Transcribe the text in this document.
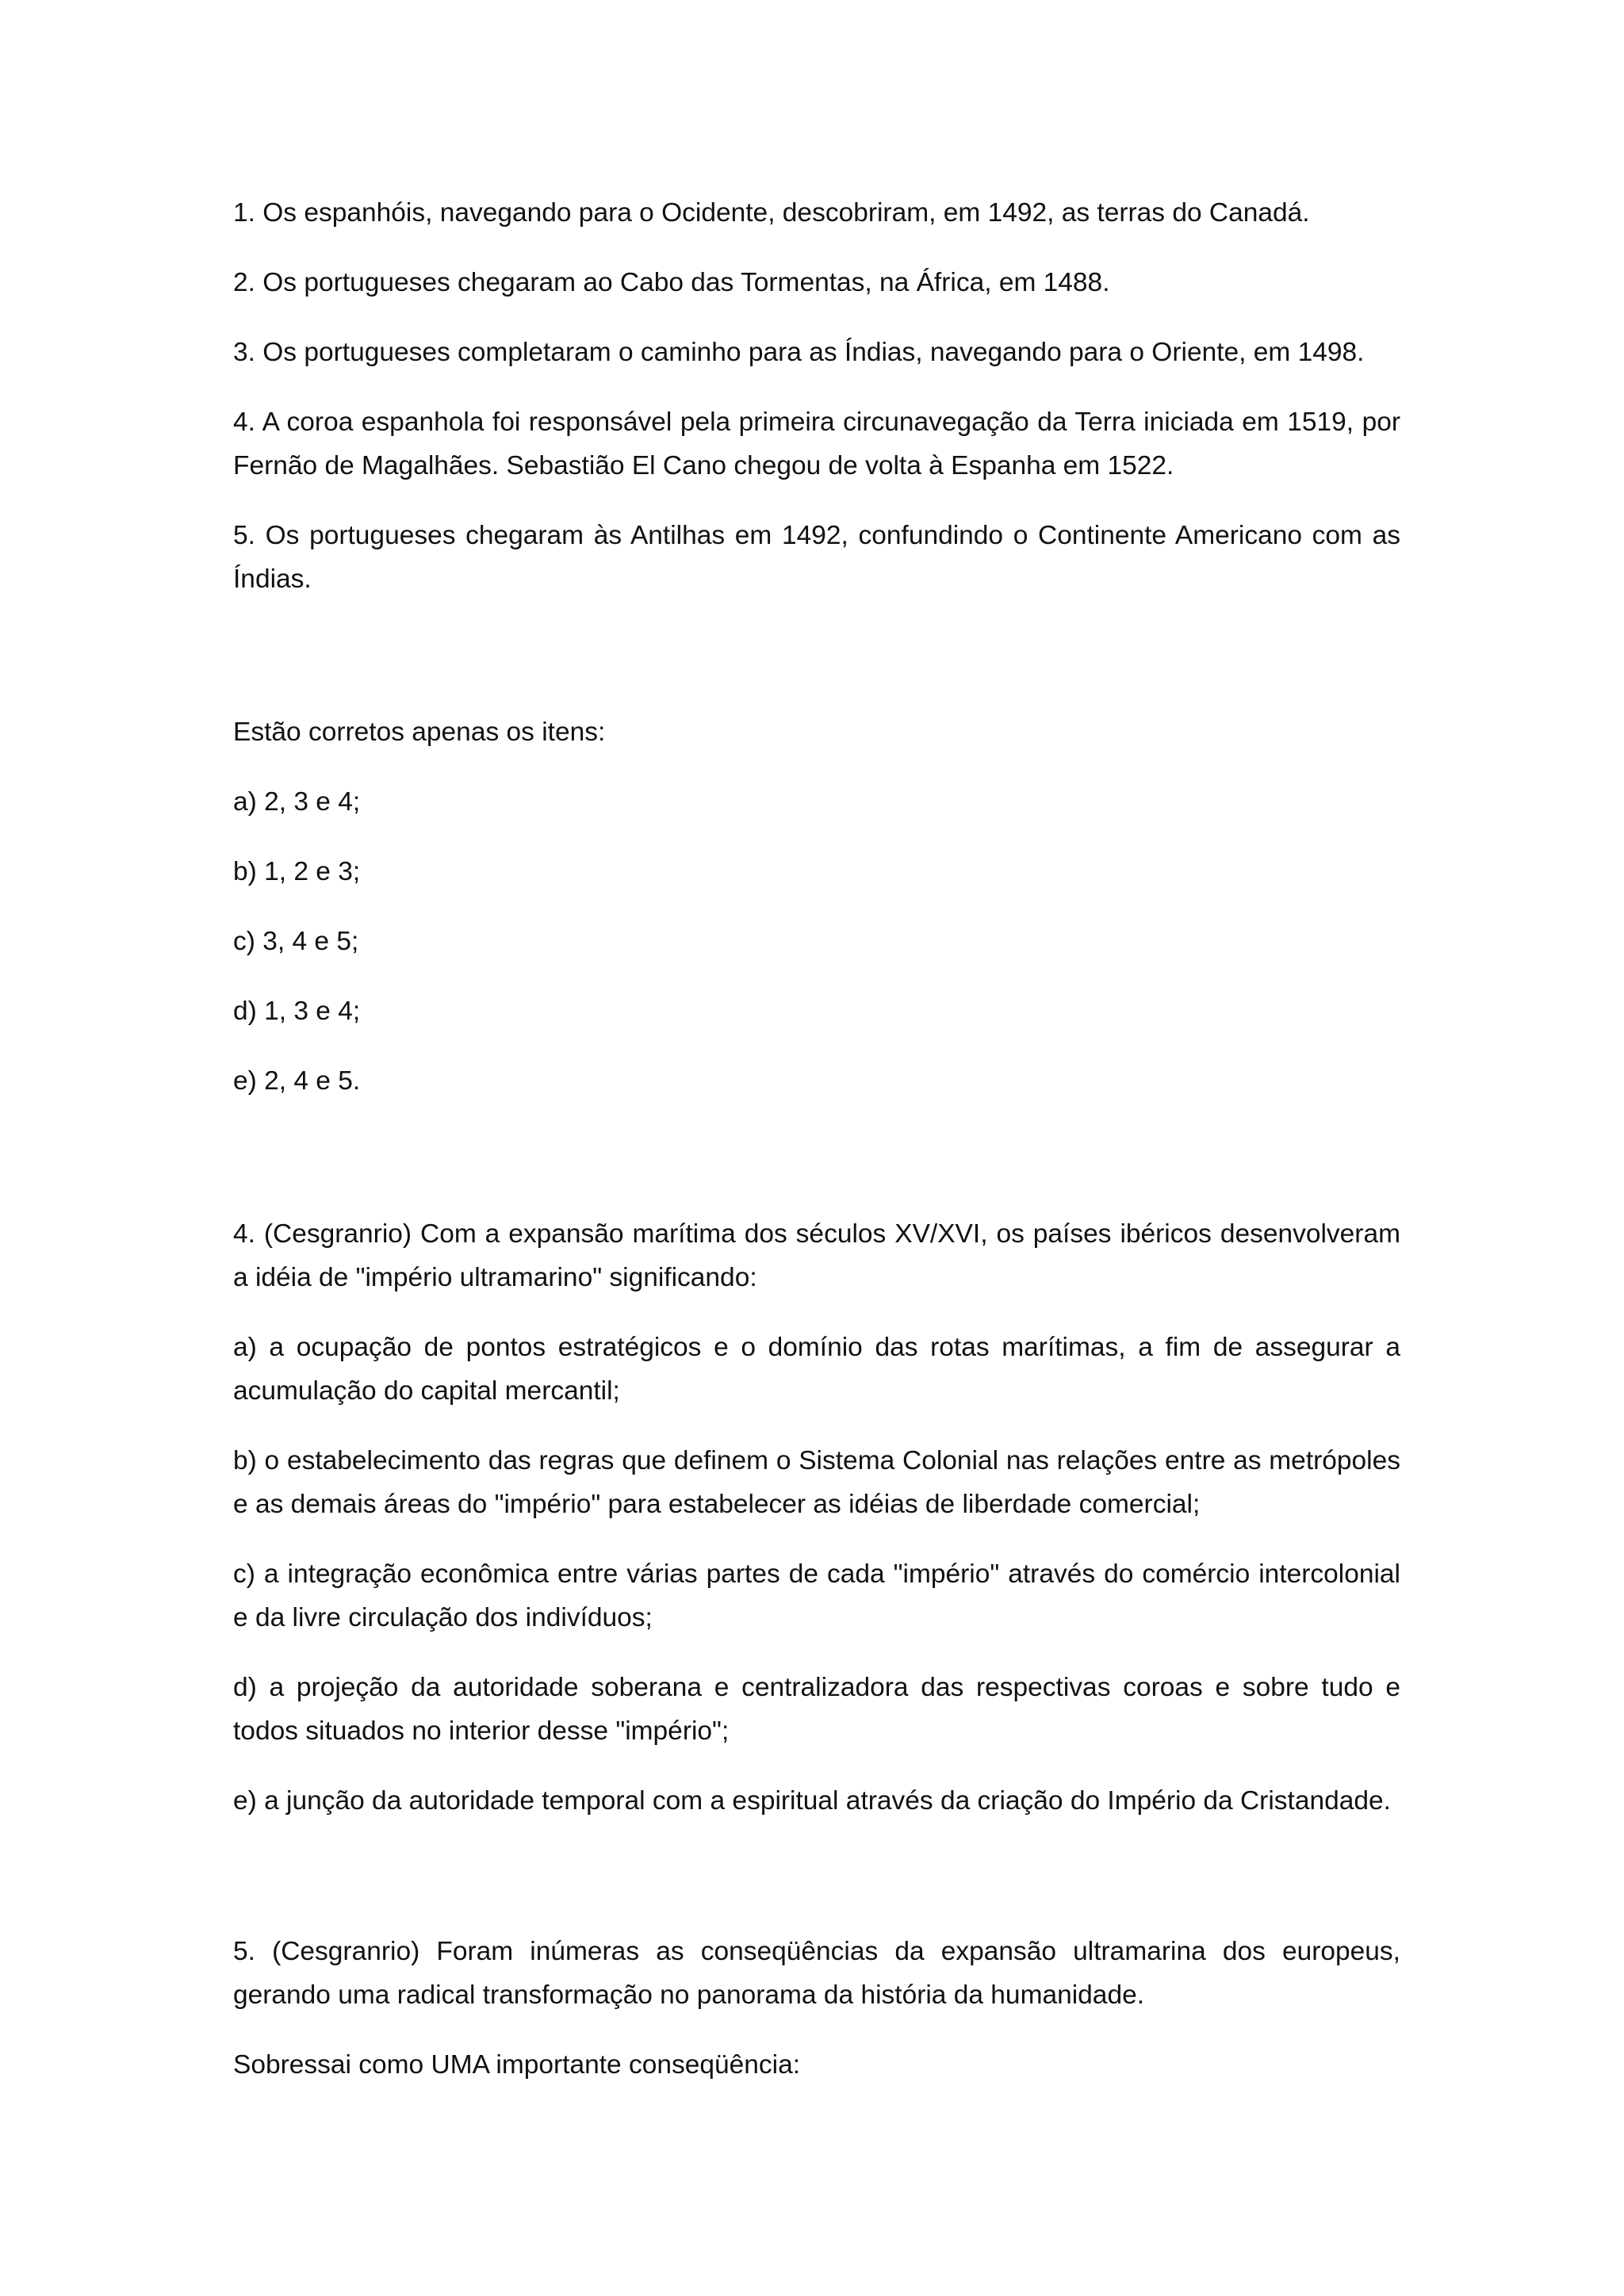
1. Os espanhóis, navegando para o Ocidente, descobriram, em 1492, as terras do Canadá.

2. Os portugueses chegaram ao Cabo das Tormentas, na África, em 1488.

3. Os portugueses completaram o caminho para as Índias, navegando para o Oriente, em 1498.

4. A coroa espanhola foi responsável pela primeira circunavegação da Terra iniciada em 1519, por Fernão de Magalhães. Sebastião El Cano chegou de volta à Espanha em 1522.

5. Os portugueses chegaram às Antilhas em 1492, confundindo o Continente Americano com as Índias.

Estão corretos apenas os itens:

a) 2, 3 e 4;

b) 1, 2 e 3;

c) 3, 4 e 5;

d) 1, 3 e 4;

e) 2, 4 e 5.

4. (Cesgranrio) Com a expansão marítima dos séculos XV/XVI, os países ibéricos desenvolveram a idéia de "império ultramarino" significando:

a) a ocupação de pontos estratégicos e o domínio das rotas marítimas, a fim de assegurar a acumulação do capital mercantil;

b) o estabelecimento das regras que definem o Sistema Colonial nas relações entre as metrópoles e as demais áreas do "império" para estabelecer as idéias de liberdade comercial;

c) a integração econômica entre várias partes de cada "império" através do comércio intercolonial e da livre circulação dos indivíduos;

d) a projeção da autoridade soberana e centralizadora das respectivas coroas e sobre tudo e todos situados no interior desse "império";

e) a junção da autoridade temporal com a espiritual através da criação do Império da Cristandade.

5. (Cesgranrio) Foram inúmeras as conseqüências da expansão ultramarina dos europeus, gerando uma radical transformação no panorama da história da humanidade.

Sobressai como UMA importante conseqüência:
